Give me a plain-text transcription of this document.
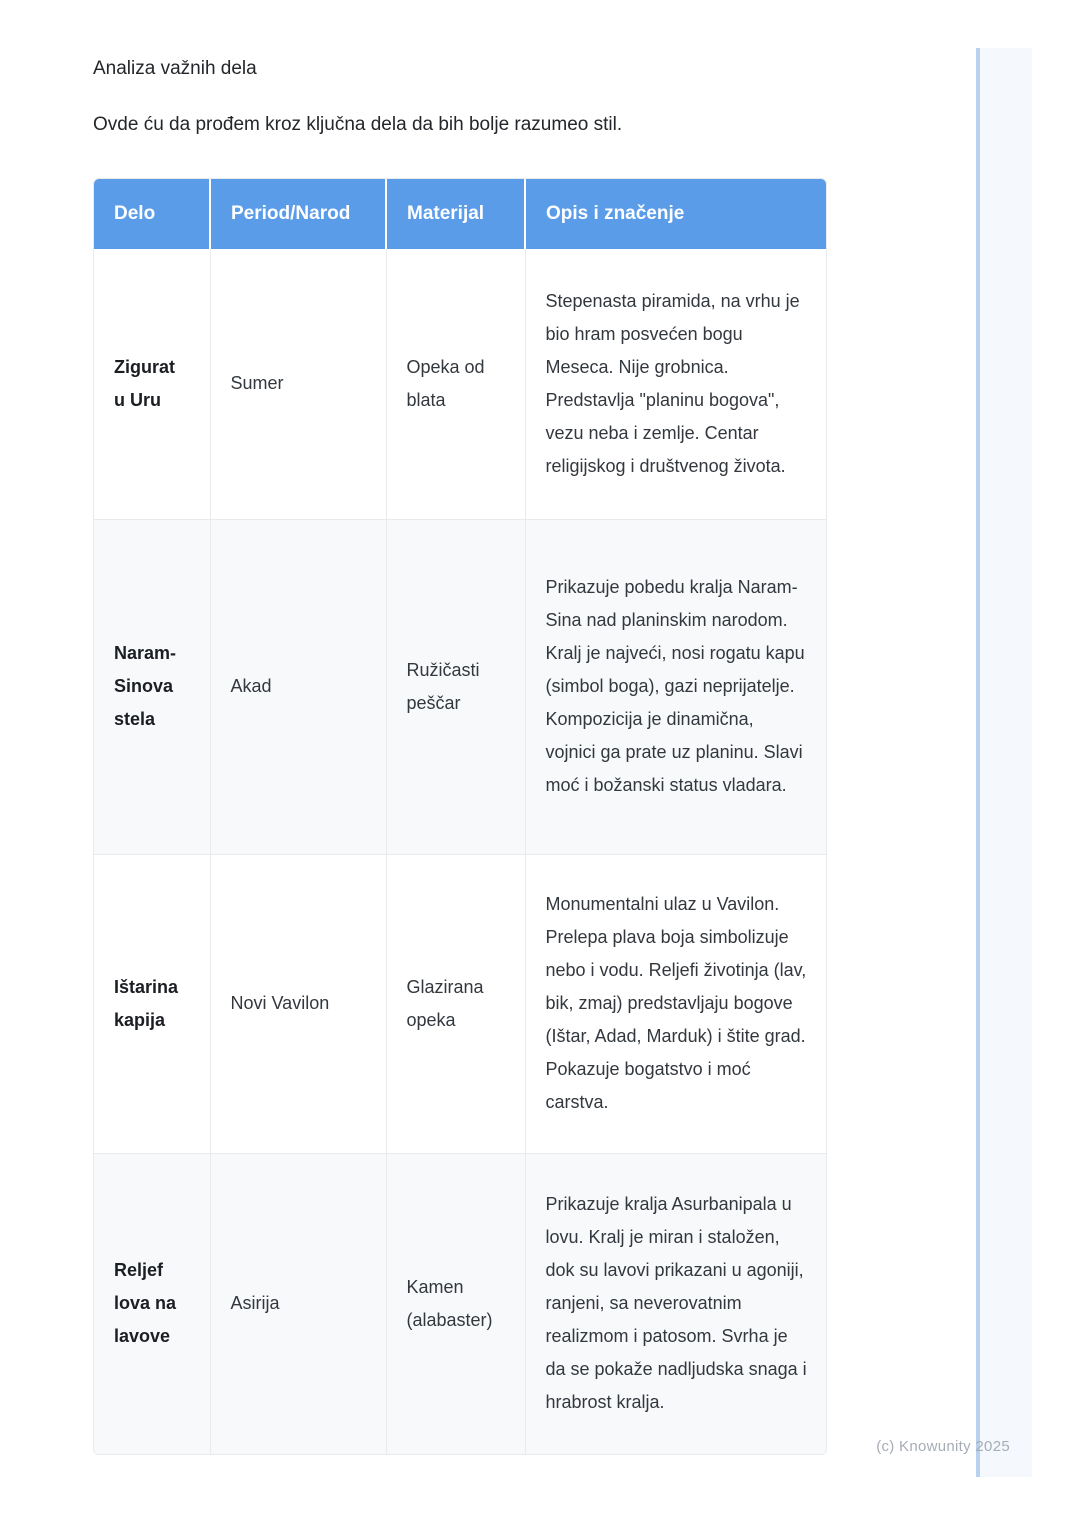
Analiza važnih dela
Ovde ću da prođem kroz ključna dela da bih bolje razumeo stil.
Delo	Period/Narod	Materijal	Opis i značenje
Zigurat u Uru	Sumer	Opeka od blata	Stepenasta piramida, na vrhu je bio hram posvećen bogu Meseca. Nije grobnica. Predstavlja "planinu bogova", vezu neba i zemlje. Centar religijskog i društvenog života.
Naram-Sinova stela	Akad	Ružičasti peščar	Prikazuje pobedu kralja Naram-Sina nad planinskim narodom. Kralj je najveći, nosi rogatu kapu (simbol boga), gazi neprijatelje. Kompozicija je dinamična, vojnici ga prate uz planinu. Slavi moć i božanski status vladara.
Ištarina kapija	Novi Vavilon	Glazirana opeka	Monumentalni ulaz u Vavilon. Prelepa plava boja simbolizuje nebo i vodu. Reljefi životinja (lav, bik, zmaj) predstavljaju bogove (Ištar, Adad, Marduk) i štite grad. Pokazuje bogatstvo i moć carstva.
Reljef lova na lavove	Asirija	Kamen (alabaster)	Prikazuje kralja Asurbanipala u lovu. Kralj je miran i staložen, dok su lavovi prikazani u agoniji, ranjeni, sa neverovatnim realizmom i patosom. Svrha je da se pokaže nadljudska snaga i hrabrost kralja.
(c) Knowunity 2025
